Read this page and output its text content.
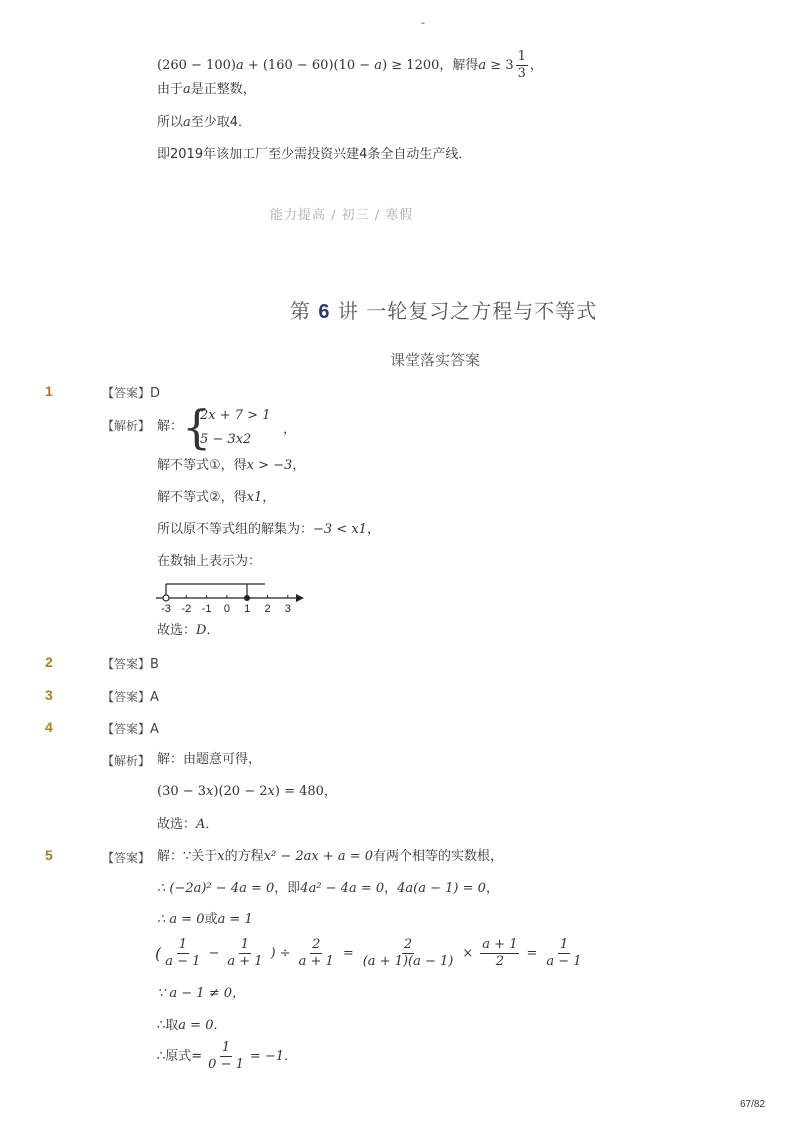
-
(260 − 100)a + (160 − 60)(10 − a) ≥ 1200，解得$a \ge 3 \frac{1}{3}$ ，
由于a是正整数，
所以a至少取4．
即2019年该加工厂至少需投资兴建4条全自动生产线．
能力提高 / 初三 / 寒假
第 6 讲 一轮复习之方程与不等式
课堂落实答案
1	【答案】D
【解析】 解：
{
2x + 7 > 1
5 − 3x2
，
解不等式①，得x > −3，
解不等式②，得x1，
所以原不等式组的解集为：−3 < x1，
在数轴上表示为：
-3 -2 -1 0 1 2 3
故选：D．
2	【答案】B
3	【答案】A
4	【答案】A
【解析】 解：由题意可得，
(30 − 3x)(20 − 2x) = 480，
故选：A．
5	【答案】 解：∵关于x的方程x² − 2ax + a = 0有两个相等的实数根，
∴ (−2a)² − 4a = 0，即4a² − 4a = 0，4a(a − 1) = 0，
∴ a = 0或a = 1
( $\frac{1}{a - 1} - \frac{1}{a + 1}$ ) ÷ $\frac{2}{a + 1} = \frac{2}{(a + 1)(a - 1)} \times \frac{a + 1}{2} = \frac{1}{a - 1}$
∵ a − 1 ≠ 0，
∴取a = 0．
∴原式= $\frac{1}{0 - 1} = -1$ ．
67/82
